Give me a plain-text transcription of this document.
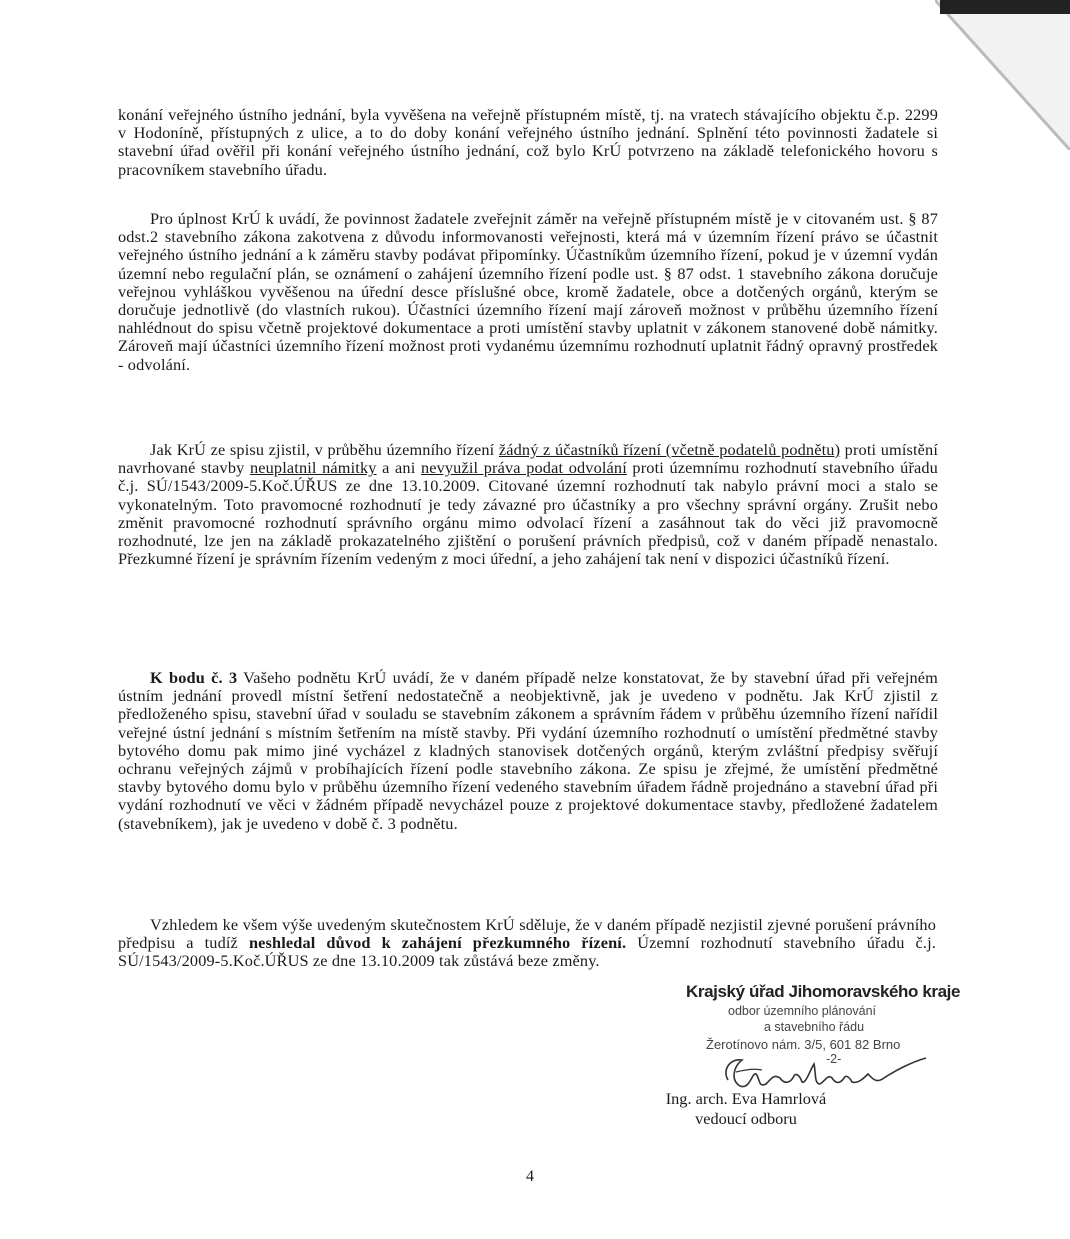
konání veřejného ústního jednání, byla vyvěšena na veřejně přístupném místě, tj. na vratech stávajícího objektu č.p. 2299 v Hodoníně, přístupných z ulice, a to do doby konání veřejného ústního jednání. Splnění této povinnosti žadatele si stavební úřad ověřil při konání veřejného ústního jednání, což bylo KrÚ potvrzeno na základě telefonického hovoru s pracovníkem stavebního úřadu.

Pro úplnost KrÚ k uvádí, že povinnost žadatele zveřejnit záměr na veřejně přístupném místě je v citovaném ust. § 87 odst.2 stavebního zákona zakotvena z důvodu informovanosti veřejnosti, která má v územním řízení právo se účastnit veřejného ústního jednání a k záměru stavby podávat připomínky. Účastníkům územního řízení, pokud je v územní vydán územní nebo regulační plán, se oznámení o zahájení územního řízení podle ust. § 87 odst. 1 stavebního zákona doručuje veřejnou vyhláškou vyvěšenou na úřední desce příslušné obce, kromě žadatele, obce a dotčených orgánů, kterým se doručuje jednotlivě (do vlastních rukou). Účastníci územního řízení mají zároveň možnost v průběhu územního řízení nahlédnout do spisu včetně projektové dokumentace a proti umístění stavby uplatnit v zákonem stanovené době námitky. Zároveň mají účastníci územního řízení možnost proti vydanému územnímu rozhodnutí uplatnit řádný opravný prostředek - odvolání.

Jak KrÚ ze spisu zjistil, v průběhu územního řízení žádný z účastníků řízení (včetně podatelů podnětu) proti umístění navrhované stavby neuplatnil námitky a ani nevyužil práva podat odvolání proti územnímu rozhodnutí stavebního úřadu č.j. SÚ/1543/2009-5.Koč.ÚŘUS ze dne 13.10.2009. Citované územní rozhodnutí tak nabylo právní moci a stalo se vykonatelným. Toto pravomocné rozhodnutí je tedy závazné pro účastníky a pro všechny správní orgány. Zrušit nebo změnit pravomocné rozhodnutí správního orgánu mimo odvolací řízení a zasáhnout tak do věci již pravomocně rozhodnuté, lze jen na základě prokazatelného zjištění o porušení právních předpisů, což v daném případě nenastalo. Přezkumné řízení je správním řízením vedeným z moci úřední, a jeho zahájení tak není v dispozici účastníků řízení.

K bodu č. 3 Vašeho podnětu KrÚ uvádí, že v daném případě nelze konstatovat, že by stavební úřad při veřejném ústním jednání provedl místní šetření nedostatečně a neobjektivně, jak je uvedeno v podnětu. Jak KrÚ zjistil z předloženého spisu, stavební úřad v souladu se stavebním zákonem a správním řádem v průběhu územního řízení nařídil veřejné ústní jednání s místním šetřením na místě stavby. Při vydání územního rozhodnutí o umístění předmětné stavby bytového domu pak mimo jiné vycházel z kladných stanovisek dotčených orgánů, kterým zvláštní předpisy svěřují ochranu veřejných zájmů v probíhajících řízení podle stavebního zákona. Ze spisu je zřejmé, že umístění předmětné stavby bytového domu bylo v průběhu územního řízení vedeného stavebním úřadem řádně projednáno a stavební úřad při vydání rozhodnutí ve věci v žádném případě nevycházel pouze z projektové dokumentace stavby, předložené žadatelem (stavebníkem), jak je uvedeno v době č. 3 podnětu.

Vzhledem ke všem výše uvedeným skutečnostem KrÚ sděluje, že v daném případě nezjistil zjevné porušení právního předpisu a tudíž neshledal důvod k zahájení přezkumného řízení. Územní rozhodnutí stavebního úřadu č.j. SÚ/1543/2009-5.Koč.ÚŘUS ze dne 13.10.2009 tak zůstává beze změny.

Krajský úřad Jihomoravského kraje
odbor územního plánování
a stavebního řádu
Žerotínovo nám. 3/5, 601 82 Brno
-2-
Ing. arch. Eva Hamrlová
vedoucí odboru
4
